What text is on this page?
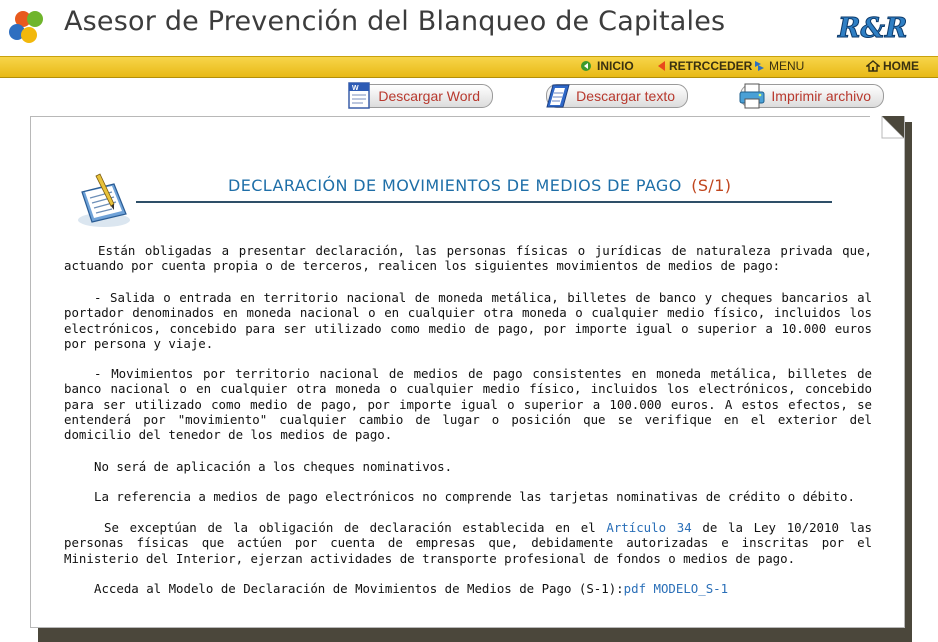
Asesor de Prevención del Blanqueo de Capitales	R&R
INICIO	RETRCCEDER MENU	HOME
W Descargar Word	Descargar texto	Imprimir archivo
DECLARACIÓN DE MOVIMIENTOS DE MEDIOS DE PAGO (S/1)

Están obligadas a presentar declaración, las personas físicas o jurídicas de naturaleza privada que, actuando por cuenta propia o de terceros, realicen los siguientes movimientos de medios de pago:

- Salida o entrada en territorio nacional de moneda metálica, billetes de banco y cheques bancarios al portador denominados en moneda nacional o en cualquier otra moneda o cualquier medio físico, incluidos los electrónicos, concebido para ser utilizado como medio de pago, por importe igual o superior a 10.000 euros por persona y viaje.

- Movimientos por territorio nacional de medios de pago consistentes en moneda metálica, billetes de banco nacional o en cualquier otra moneda o cualquier medio físico, incluidos los electrónicos, concebido para ser utilizado como medio de pago, por importe igual o superior a 100.000 euros. A estos efectos, se entenderá por "movimiento" cualquier cambio de lugar o posición que se verifique en el exterior del domicilio del tenedor de los medios de pago.

No será de aplicación a los cheques nominativos.

La referencia a medios de pago electrónicos no comprende las tarjetas nominativas de crédito o débito.

Se exceptúan de la obligación de declaración establecida en el Artículo 34 de la Ley 10/2010 las personas físicas que actúen por cuenta de empresas que, debidamente autorizadas e inscritas por el Ministerio del Interior, ejerzan actividades de transporte profesional de fondos o medios de pago.

Acceda al Modelo de Declaración de Movimientos de Medios de Pago (S-1):pdf MODELO_S-1
